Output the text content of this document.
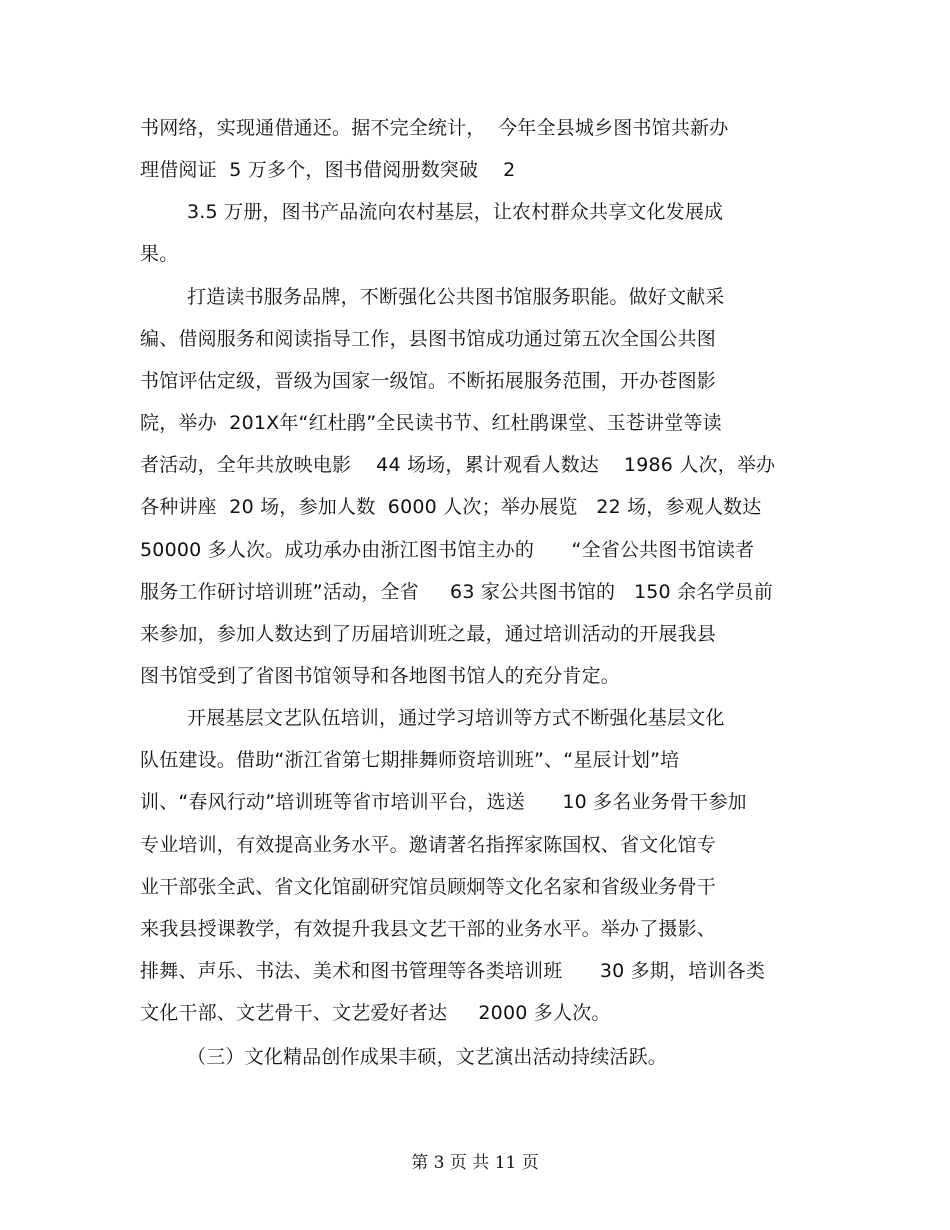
书网络，实现通借通还。据不完全统计，  今年全县城乡图书馆共新办
理借阅证  5 万多个，图书借阅册数突破    2
3.5 万册，图书产品流向农村基层，让农村群众共享文化发展成
果。
打造读书服务品牌，不断强化公共图书馆服务职能。做好文献采
编、借阅服务和阅读指导工作，县图书馆成功通过第五次全国公共图
书馆评估定级，晋级为国家一级馆。不断拓展服务范围，开办苍图影
院，举办  201X年“红杜鹃”全民读书节、红杜鹃课堂、玉苍讲堂等读
者活动，全年共放映电影    44 场场，累计观看人数达    1986 人次，举办
各种讲座  20 场，参加人数  6000 人次；举办展览   22 场，参观人数达
50000 多人次。成功承办由浙江图书馆主办的      “全省公共图书馆读者
服务工作研讨培训班”活动，全省     63 家公共图书馆的   150 余名学员前
来参加，参加人数达到了历届培训班之最，通过培训活动的开展我县
图书馆受到了省图书馆领导和各地图书馆人的充分肯定。
开展基层文艺队伍培训，通过学习培训等方式不断强化基层文化
队伍建设。借助“浙江省第七期排舞师资培训班”、“星辰计划”培
训、“春风行动”培训班等省市培训平台，选送      10 多名业务骨干参加
专业培训，有效提高业务水平。邀请著名指挥家陈国权、省文化馆专
业干部张全武、省文化馆副研究馆员顾炯等文化名家和省级业务骨干
来我县授课教学，有效提升我县文艺干部的业务水平。举办了摄影、
排舞、声乐、书法、美术和图书管理等各类培训班      30 多期，培训各类
文化干部、文艺骨干、文艺爱好者达     2000 多人次。
（三）文化精品创作成果丰硕，文艺演出活动持续活跃。
第 3 页 共 11 页
